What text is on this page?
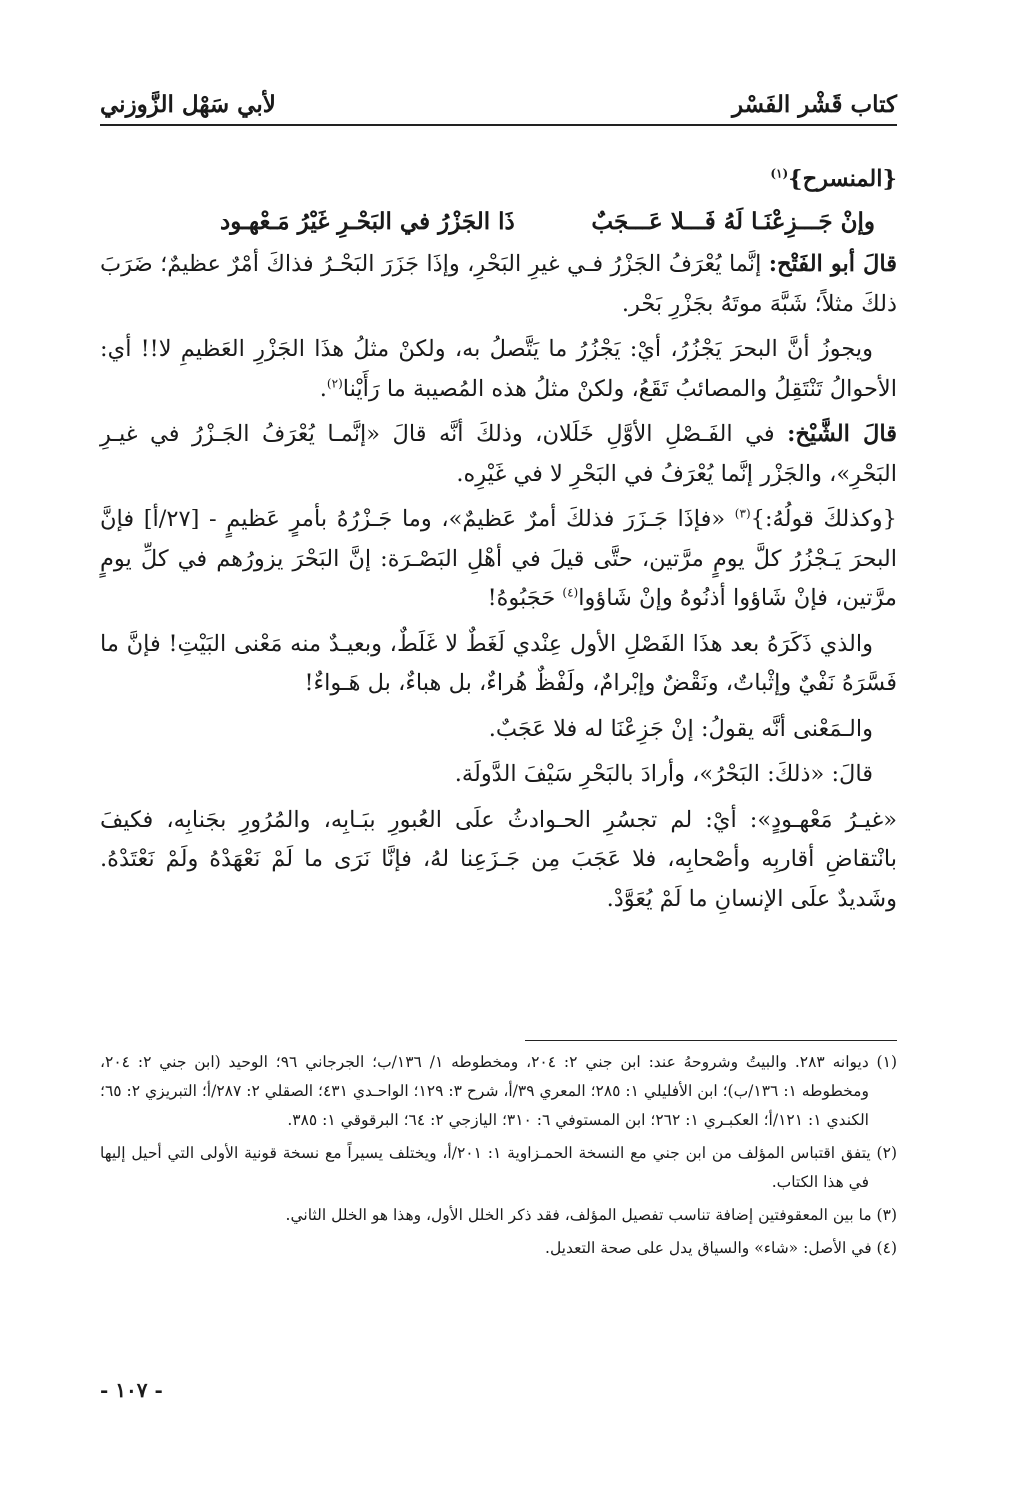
كتاب قَشْر الفَسْر
لأبي سَهْل الزَّوزني
{المنسرح}$^{(١)}$
وإنْ جَـــزِعْنَـا لَهُ فَـــلا عَـــجَبٌ
ذَا الجَزْرُ في البَحْـرِ غَيْرُ مَـعْهـود

قالَ أبو الفَتْح: إنَّما يُعْرَفُ الجَزْرُ فـي غيرِ البَحْرِ، وإذَا جَزَرَ البَحْـرُ فذاكَ أمْرٌ عظيمٌ؛ ضَرَبَ ذلكَ مثلاً؛ شَبَّهَ موتَهُ بجَزْرِ بَحْر.

ويجوزُ أنَّ البحرَ يَجْزُرُ، أيْ: يَجْزُرُ ما يَتَّصلُ به، ولكنْ مثلُ هذَا الجَزْرِ العَظيمِ لا!! أي: الأحوالُ تَنْتَقِلُ والمصائبُ تَقَعُ، ولكنْ مثلُ هذه المُصيبة ما رَأَيْنا$^{(٢)}$.

قالَ الشَّيْخ: في الفَـصْلِ الأوَّلِ خَلَلان، وذلكَ أنَّه قالَ «إنَّمـا يُعْرَفُ الجَـزْرُ في غيـرِ البَحْرِ»، والجَزْر إنَّما يُعْرَفُ في البَحْرِ لا في غَيْرِه.

{وكذلكَ قولُهُ:}$^{(٣)}$ «فإذَا جَـزَرَ فذلكَ أمرٌ عَظيمٌ»، وما جَـزْرُهُ بأمرٍ عَظيمٍ - [٢٧/أ] فإنَّ البحرَ يَـجْزُرُ كلَّ يومٍ مرَّتين، حتَّى قيلَ في أهْلِ البَصْـرَة: إنَّ البَحْرَ يزورُهم في كلِّ يومٍ مرَّتين، فإنْ شَاؤوا أذنُوهُ وإنْ شَاؤوا$^{(٤)}$ حَجَبُوهُ!

والذي ذَكَرَهُ بعد هذَا الفَصْلِ الأول عِنْدي لَغَطٌ لا غَلَطٌ، وبعيـدٌ منه مَعْنى البَيْتِ! فإنَّ ما فَسَّرَهُ نَفْيٌ وإثْباتٌ، ونَقْضٌ وإبْرامٌ، ولَفْظٌ هُراءٌ، بل هباءٌ، بل هَـواءٌ!

والـمَعْنى أنَّه يقولُ: إنْ جَزِعْنَا له فلا عَجَبٌ.

قالَ: «ذلكَ: البَحْرُ»، وأرادَ بالبَحْرِ سَيْفَ الدَّولَة.

«غيـرُ مَعْهـودٍ»: أيْ: لم تجسُرِ الحـوادثُ علَى العُبورِ ببَـابِه، والمُرُورِ بجَنابِه، فكيفَ بانْتقاضِ أقاربِه وأصْحابِه، فلا عَجَبَ مِن جَـزَعِنا لهُ، فإنَّا نَرَى ما لَمْ نَعْهَدْهُ ولَمْ نَعْتَدْهُ. وشَديدٌ علَى الإنسانِ ما لَمْ يُعَوَّدْ.

(١) ديوانه ٢٨٣. والبيتُ وشروحهُ عند: ابن جني ٢: ٢٠٤، ومخطوطه ١/ ١٣٦/ب؛ الجرجاني ٩٦؛ الوحيد (ابن جني ٢: ٢٠٤، ومخطوطه ١: ١٣٦/ب)؛ ابن الأفليلي ١: ٢٨٥؛ المعري ٣٩/أ، شرح ٣: ١٢٩؛ الواحـدي ٤٣١؛ الصقلي ٢: ٢٨٧/أ؛ التبريزي ٢: ٦٥؛ الكندي ١: ١٢١/أ؛ العكبـري ١: ٢٦٢؛ ابن المستوفي ٦: ٣١٠؛ اليازجي ٢: ٦٤؛ البرقوقي ١: ٣٨٥.

(٢) يتفق اقتباس المؤلف من ابن جني مع النسخة الحمـزاوية ١: ٢٠١/أ، ويختلف يسيراً مع نسخة قونية الأولى التي أحيل إليها في هذا الكتاب.

(٣) ما بين المعقوفتين إضافة تناسب تفصيل المؤلف، فقد ذكر الخلل الأول، وهذا هو الخلل الثاني.

(٤) في الأصل: «شاء» والسياق يدل على صحة التعديل.

- ١٠٧ -
